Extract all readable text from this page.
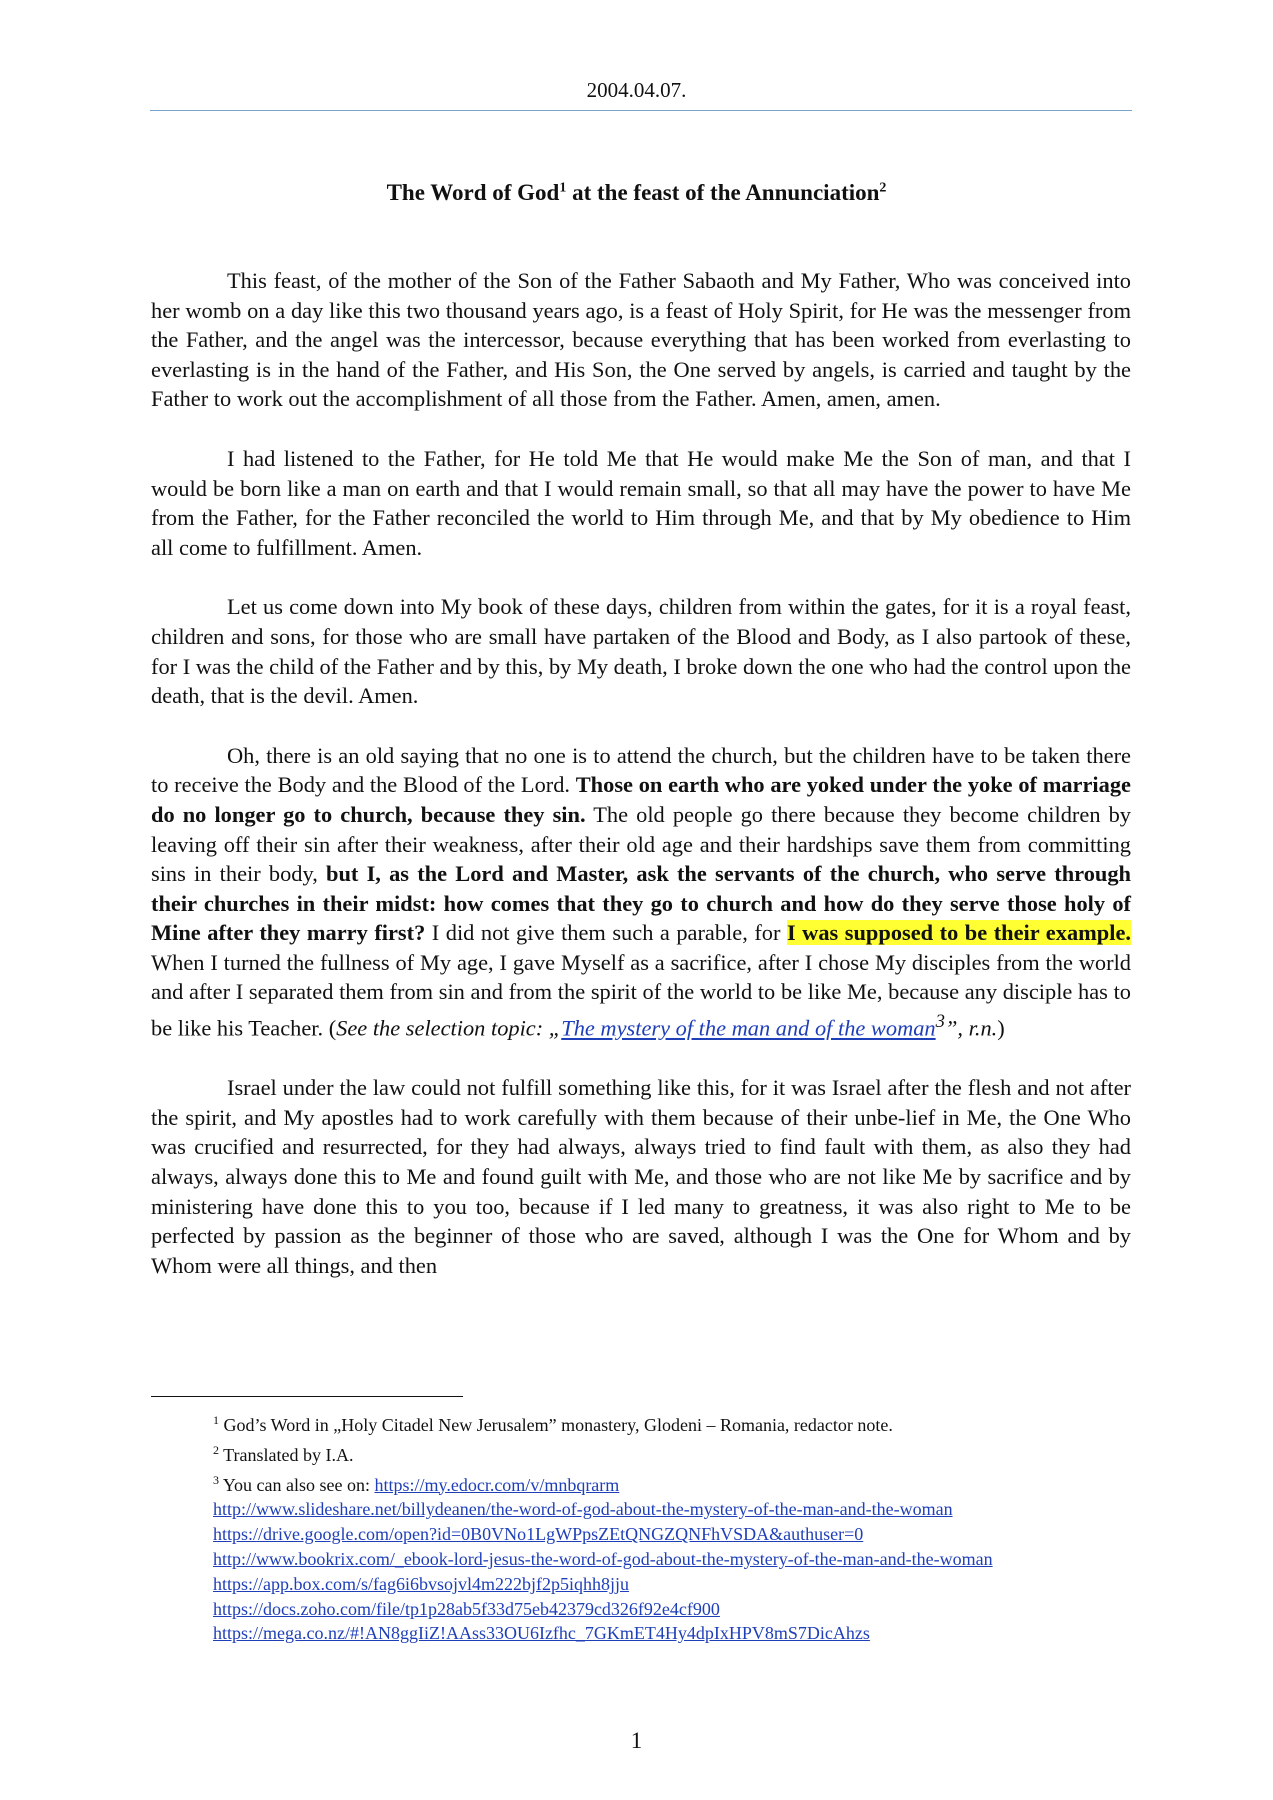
2004.04.07.
The Word of God$^1$ at the feast of the Annunciation$^2$

This feast, of the mother of the Son of the Father Sabaoth and My Father, Who was conceived into her womb on a day like this two thousand years ago, is a feast of Holy Spirit, for He was the messenger from the Father, and the angel was the intercessor, because everything that has been worked from everlasting to everlasting is in the hand of the Father, and His Son, the One served by angels, is carried and taught by the Father to work out the accomplishment of all those from the Father. Amen, amen, amen.

I had listened to the Father, for He told Me that He would make Me the Son of man, and that I would be born like a man on earth and that I would remain small, so that all may have the power to have Me from the Father, for the Father reconciled the world to Him through Me, and that by My obedience to Him all come to fulfillment. Amen.

Let us come down into My book of these days, children from within the gates, for it is a royal feast, children and sons, for those who are small have partaken of the Blood and Body, as I also partook of these, for I was the child of the Father and by this, by My death, I broke down the one who had the control upon the death, that is the devil. Amen.

Oh, there is an old saying that no one is to attend the church, but the children have to be taken there to receive the Body and the Blood of the Lord. Those on earth who are yoked under the yoke of marriage do no longer go to church, because they sin. The old people go there because they become children by leaving off their sin after their weakness, after their old age and their hardships save them from committing sins in their body, but I, as the Lord and Master, ask the servants of the church, who serve through their churches in their midst: how comes that they go to church and how do they serve those holy of Mine after they marry first? I did not give them such a parable, for I was supposed to be their example. When I turned the fullness of My age, I gave Myself as a sacrifice, after I chose My disciples from the world and after I separated them from sin and from the spirit of the world to be like Me, because any disciple has to be like his Teacher. (See the selection topic: „The mystery of the man and of the woman$^3$”, r.n.)

Israel under the law could not fulfill something like this, for it was Israel after the flesh and not after the spirit, and My apostles had to work carefully with them because of their unbe-lief in Me, the One Who was crucified and resurrected, for they had always, always tried to find fault with them, as also they had always, always done this to Me and found guilt with Me, and those who are not like Me by sacrifice and by ministering have done this to you too, because if I led many to greatness, it was also right to Me to be perfected by passion as the beginner of those who are saved, although I was the One for Whom and by Whom were all things, and then

$^1$ God’s Word in „Holy Citadel New Jerusalem” monastery, Glodeni – Romania, redactor note.

$^2$ Translated by I.A.

$^3$ You can also see on: https://my.edocr.com/v/mnbqrarm

http://www.slideshare.net/billydeanen/the-word-of-god-about-the-mystery-of-the-man-and-the-woman

https://drive.google.com/open?id=0B0VNo1LgWPpsZEtQNGZQNFhVSDA&authuser=0

http://www.bookrix.com/_ebook-lord-jesus-the-word-of-god-about-the-mystery-of-the-man-and-the-woman

https://app.box.com/s/fag6i6bvsojvl4m222bjf2p5iqhh8jju

https://docs.zoho.com/file/tp1p28ab5f33d75eb42379cd326f92e4cf900

https://mega.co.nz/#!AN8ggIiZ!AAss33OU6Izfhc_7GKmET4Hy4dpIxHPV8mS7DicAhzs

1
